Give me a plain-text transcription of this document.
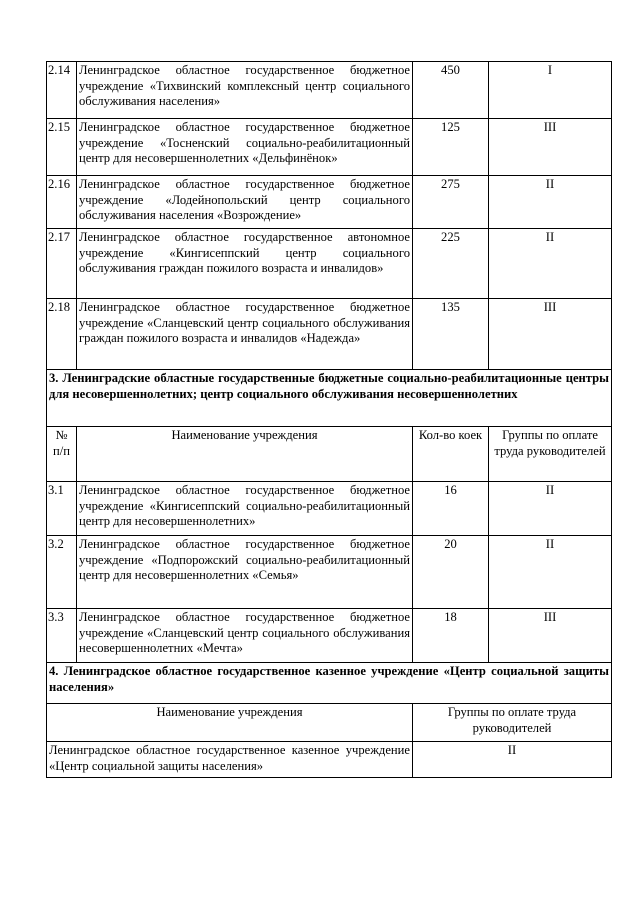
2.14	Ленинградское областное государственное бюджетное учреждение «Тихвинский комплексный центр социального обслуживания населения»	450	I
2.15	Ленинградское областное государственное бюджетное учреждение «Тосненский социально-реабилитационный центр для несовершеннолетних «Дельфинёнок»	125	III
2.16	Ленинградское областное государственное бюджетное учреждение «Лодейнопольский центр социального обслуживания населения «Возрождение»	275	II
2.17	Ленинградское областное государственное автономное учреждение «Кингисеппский центр социального обслуживания граждан пожилого возраста и инвалидов»	225	II
2.18	Ленинградское областное государственное бюджетное учреждение «Сланцевский центр социального обслуживания граждан пожилого возраста и инвалидов «Надежда»	135	III
3. Ленинградские областные государственные бюджетные социально-реабилитационные центры для несовершеннолетних; центр социального обслуживания несовершеннолетних			
№ п/п	Наименование учреждения	Кол-во коек	Группы по оплате труда руководителей
3.1	Ленинградское областное государственное бюджетное учреждение «Кингисеппский социально-реабилитационный центр для несовершеннолетних»	16	II
3.2	Ленинградское областное государственное бюджетное учреждение «Подпорожский социально-реабилитационный центр для несовершеннолетних «Семья»	20	II
3.3	Ленинградское областное государственное бюджетное учреждение «Сланцевский центр социального обслуживания несовершеннолетних «Мечта»	18	III
4. Ленинградское областное государственное казенное учреждение «Центр социальной защиты населения»			
Наименование учреждения		Группы по оплате труда руководителей	
Ленинградское областное государственное казенное учреждение «Центр социальной защиты населения»		II	
